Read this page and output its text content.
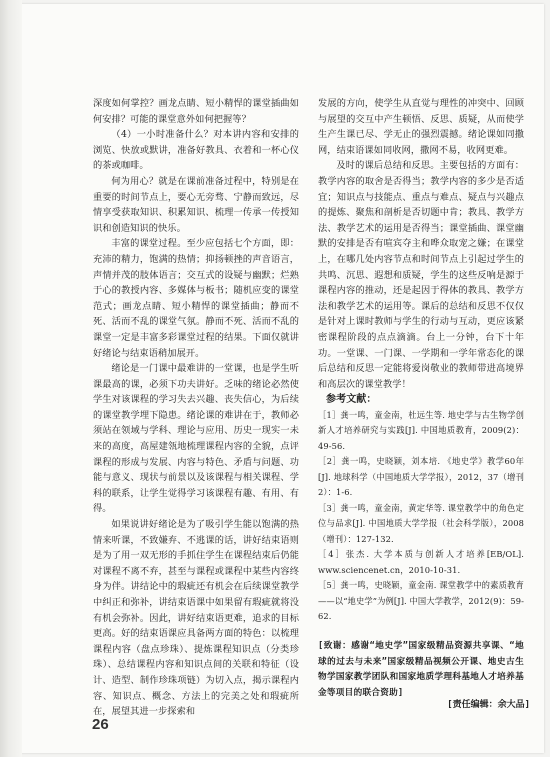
深度如何掌控？画龙点睛、短小精悍的课堂插曲如何安排？可能的课堂意外如何把握等？

（4）一小时准备什么？对本讲内容和安排的浏览、快放或默讲，准备好教具、衣着和一杯心仪的茶或咖啡。

何为用心？就是在课前准备过程中，特别是在重要的时间节点上，要心无旁骛、宁静而致远，尽情享受获取知识、积累知识、梳理一传承一传授知识和创造知识的快乐。

丰富的课堂过程。至少应包括七个方面，即：充沛的精力，饱满的热情；抑扬顿挫的声音语言，声情并茂的肢体语言；交互式的设疑与幽默；烂熟于心的教授内容、多媒体与板书；随机应变的课堂范式；画龙点睛、短小精悍的课堂插曲；静而不死、活而不乱的课堂气氛。静而不死、活而不乱的课堂一定是丰富多彩课堂过程的结果。下面仅就讲好绪论与结束语稍加展开。

绪论是一门课中最难讲的一堂课，也是学生听课最高的课，必须下功夫讲好。乏味的绪论必然使学生对该课程的学习失去兴趣、丧失信心，为后续的课堂教学埋下隐患。绪论课的难讲在于，教师必须站在领域与学科、理论与应用、历史一现实一未来的高度，高屋建瓴地梳理课程内容的全貌，点评课程的形成与发展、内容与特色、矛盾与问题、功能与意义、现状与前景以及该课程与相关课程、学科的联系，让学生觉得学习该课程有趣、有用、有得。

如果说讲好绪论是为了吸引学生能以饱满的热情来听课，不致嫌弃、不逃课的话，讲好结束语则是为了用一双无形的手抓住学生在课程结束后仍能对课程不离不弃，甚至与课程或课程中某些内容终身为伴。讲结论中的瑕疵还有机会在后续课堂教学中纠正和弥补，讲结束语课中如果留有瑕疵就将没有机会弥补。因此，讲好结束语更难，追求的目标更高。好的结束语课应具备两方面的特色：以梳理课程内容（盘点珍珠）、提炼课程知识点（分类珍珠）、总结课程内容和知识点间的关联和特征（设计、造型、制作珍珠项链）为切入点，揭示课程内容、知识点、概念、方法上的完美之处和瑕疵所在，展望其进一步探索和

发展的方向，使学生从直觉与理性的冲突中、回顾与展望的交互中产生顿悟、反思、质疑，从而使学生产生课已尽、学无止的强烈震撼。绪论课如同撒网，结束语课如同收网，撒网不易，收网更难。

及时的课后总结和反思。主要包括的方面有：教学内容的取舍是否得当；教学内容的多少是否适宜；知识点与技能点、重点与难点、疑点与兴趣点的提炼、聚焦和剖析是否切题中肯；教具、教学方法、教学艺术的运用是否得当；课堂插曲、课堂幽默的安排是否有喧宾夺主和哗众取宠之嫌；在课堂上，在哪几处内容节点和时间节点上引起过学生的共鸣、沉思、遐想和质疑，学生的这些反响是源于课程内容的推动，还是起因于得体的教具、教学方法和教学艺术的运用等。课后的总结和反思不仅仅是针对上课时教师与学生的行动与互动，更应该紧密课程阶段的点点滴滴。台上一分钟，台下十年功。一堂课、一门课、一学期和一学年常态化的课后总结和反思一定能将爱岗敬业的教师带进高境界和高层次的课堂教学！

参考文献：

［1］龚一鸣，童金南，杜远生等. 地史学与古生物学创新人才培养研究与实践[J]. 中国地质教育，2009(2)：49-56.
［2］龚一鸣，史晓颖，刘本培. 《地史学》教学60年[J]. 地球科学（中国地质大学学报），2012，37（增刊2）：1-6.
［3］龚一鸣，童金南，黄定华等. 课堂教学中的角色定位与品求[J]. 中国地质大学学报（社会科学版），2008（增刊）：127-132.
［4］张杰. 大学本质与创新人才培养[EB/OL]. www.sciencenet.cn，2010-10-31.
［5］龚一鸣，史晓颖，童金南. 课堂教学中的素质教育——以“地史学”为例[J]. 中国大学教学，2012(9)：59-62.
[致谢：感谢“地史学”国家级精品资源共享课、“地球的过去与未来”国家级精品视频公开课、地史古生物学国家教学团队和国家地质学理科基地人才培养基金等项目的联合资助]
[责任编辑：余大品]
26
